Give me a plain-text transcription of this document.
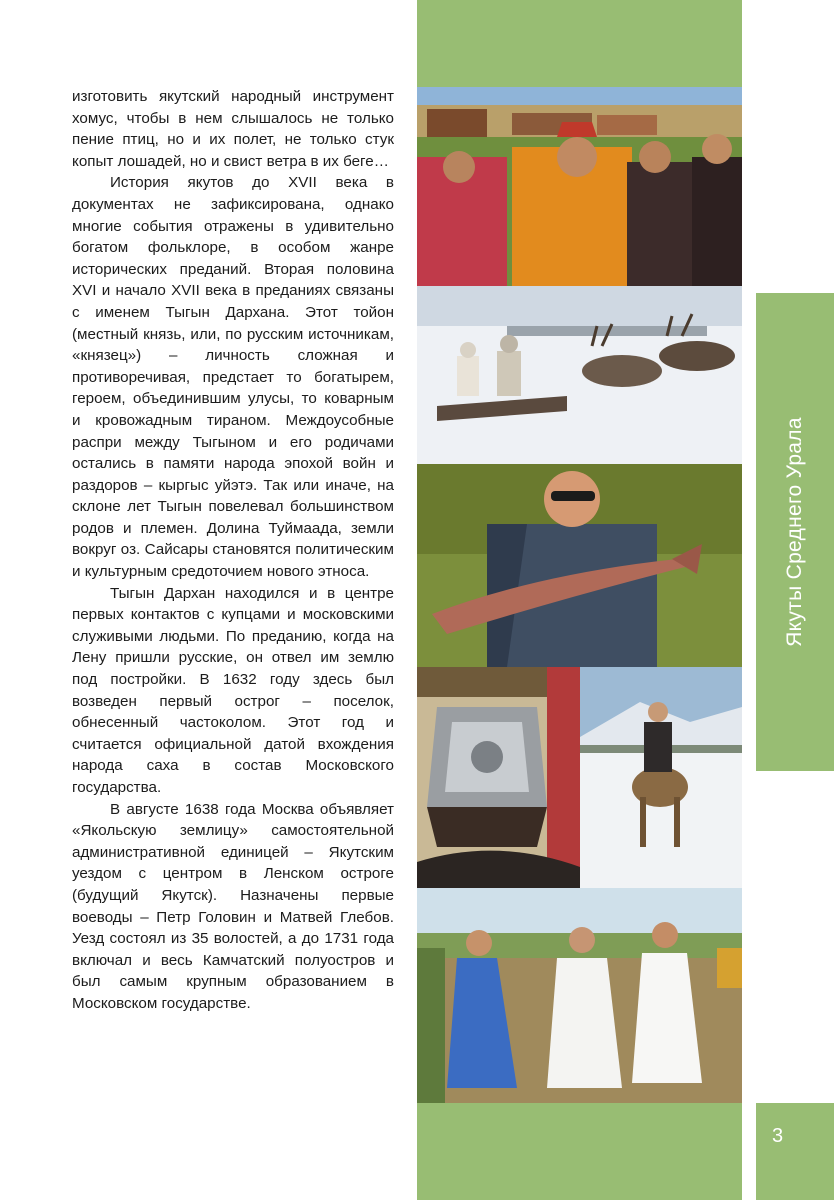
изготовить якутский народный инструмент хомус, чтобы в нем слышалось не только пение птиц, но и их полет, не только стук копыт лошадей, но и свист ветра в их беге…

История якутов до XVII века в документах не зафиксирована, однако многие события отражены в удивительно богатом фольклоре, в особом жанре исторических преданий. Вторая половина XVI и начало XVII века в преданиях связаны с именем Тыгын Дархана. Этот тойон (местный князь, или, по русским источникам, «князец») – личность сложная и противоречивая, предстает то богатырем, героем, объединившим улусы, то коварным и кровожадным тираном. Междоусобные распри между Тыгыном и его родичами остались в памяти народа эпохой войн и раздоров – кыргыс уйэтэ. Так или иначе, на склоне лет Тыгын повелевал большинством родов и племен. Долина Туймаада, земли вокруг оз. Сайсары становятся политическим и культурным средоточием нового этноса.

Тыгын Дархан находился и в центре первых контактов с купцами и московскими служивыми людьми. По преданию, когда на Лену пришли русские, он отвел им землю под постройки. В 1632 году здесь был возведен первый острог – поселок, обнесенный частоколом. Этот год и считается официальной датой вхождения народа саха в состав Московского государства.

В августе 1638 года Москва объявляет «Якольскую землицу» самостоятельной административной единицей – Якутским уездом с центром в Ленском остроге (будущий Якутск). Назначены первые воеводы – Петр Головин и Матвей Глебов. Уезд состоял из 35 волостей, а до 1731 года включал и весь Камчатский полуостров и был самым крупным образованием в Московском государстве.

Якуты Среднего Урала
3
